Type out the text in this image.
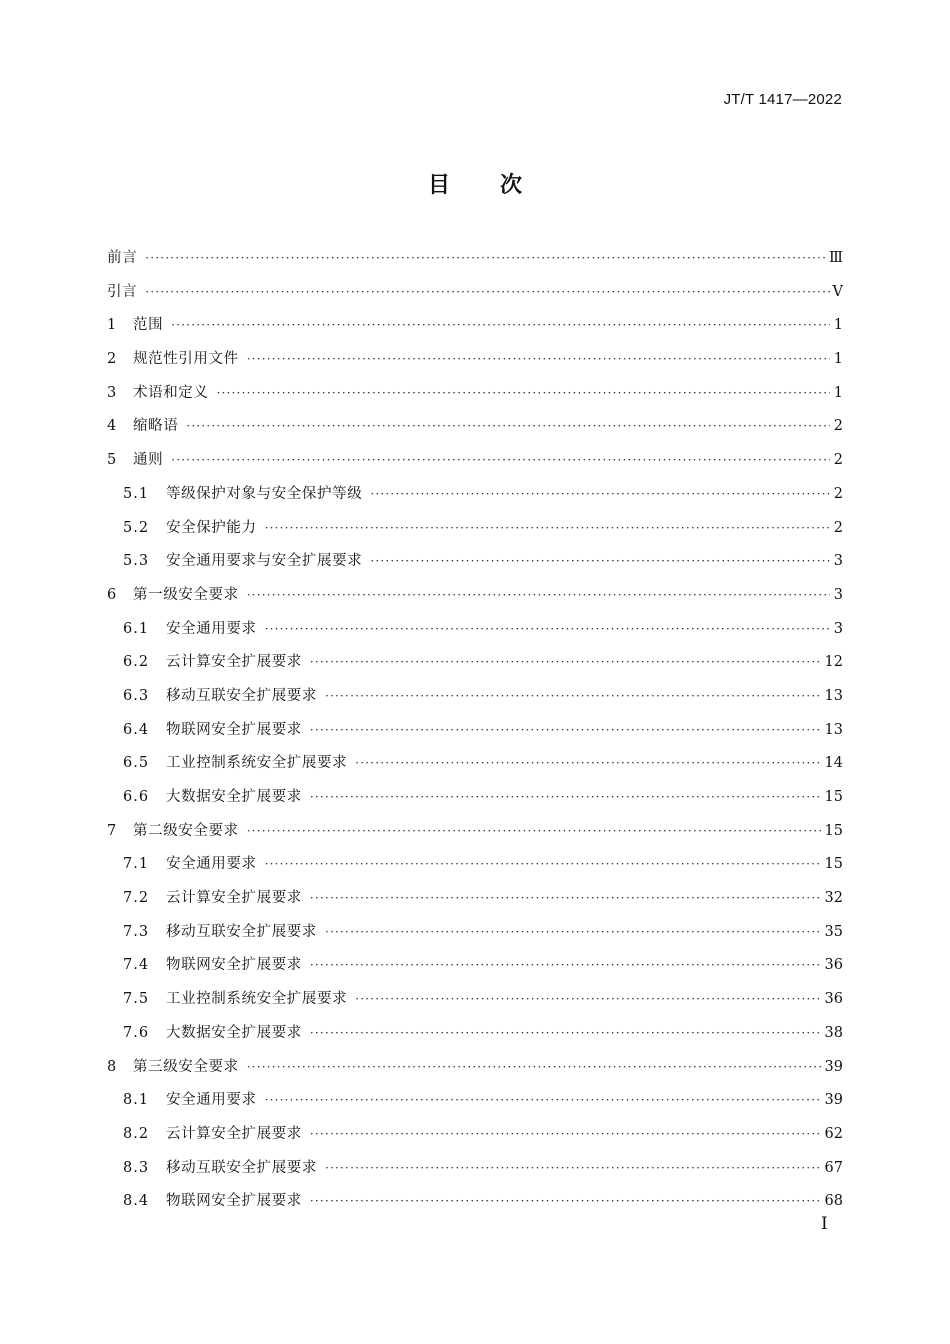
JT/T 1417—2022
目 次
前言 ·····	Ⅲ
引言 ·····	Ⅴ
1	范围 ·····	1
2	规范性引用文件 ·····	1
3	术语和定义 ·····	1
4	缩略语 ·····	2
5	通则 ·····	2
5.1	等级保护对象与安全保护等级 ·····	2
5.2	安全保护能力 ·····	2
5.3	安全通用要求与安全扩展要求 ·····	3
6	第一级安全要求 ·····	3
6.1	安全通用要求 ·····	3
6.2	云计算安全扩展要求 ·····	12
6.3	移动互联安全扩展要求 ·····	13
6.4	物联网安全扩展要求 ·····	13
6.5	工业控制系统安全扩展要求 ·····	14
6.6	大数据安全扩展要求 ·····	15
7	第二级安全要求 ·····	15
7.1	安全通用要求 ·····	15
7.2	云计算安全扩展要求 ·····	32
7.3	移动互联安全扩展要求 ·····	35
7.4	物联网安全扩展要求 ·····	36
7.5	工业控制系统安全扩展要求 ·····	36
7.6	大数据安全扩展要求 ·····	38
8	第三级安全要求 ·····	39
8.1	安全通用要求 ·····	39
8.2	云计算安全扩展要求 ·····	62
8.3	移动互联安全扩展要求 ·····	67
8.4	物联网安全扩展要求 ·····	68
I
